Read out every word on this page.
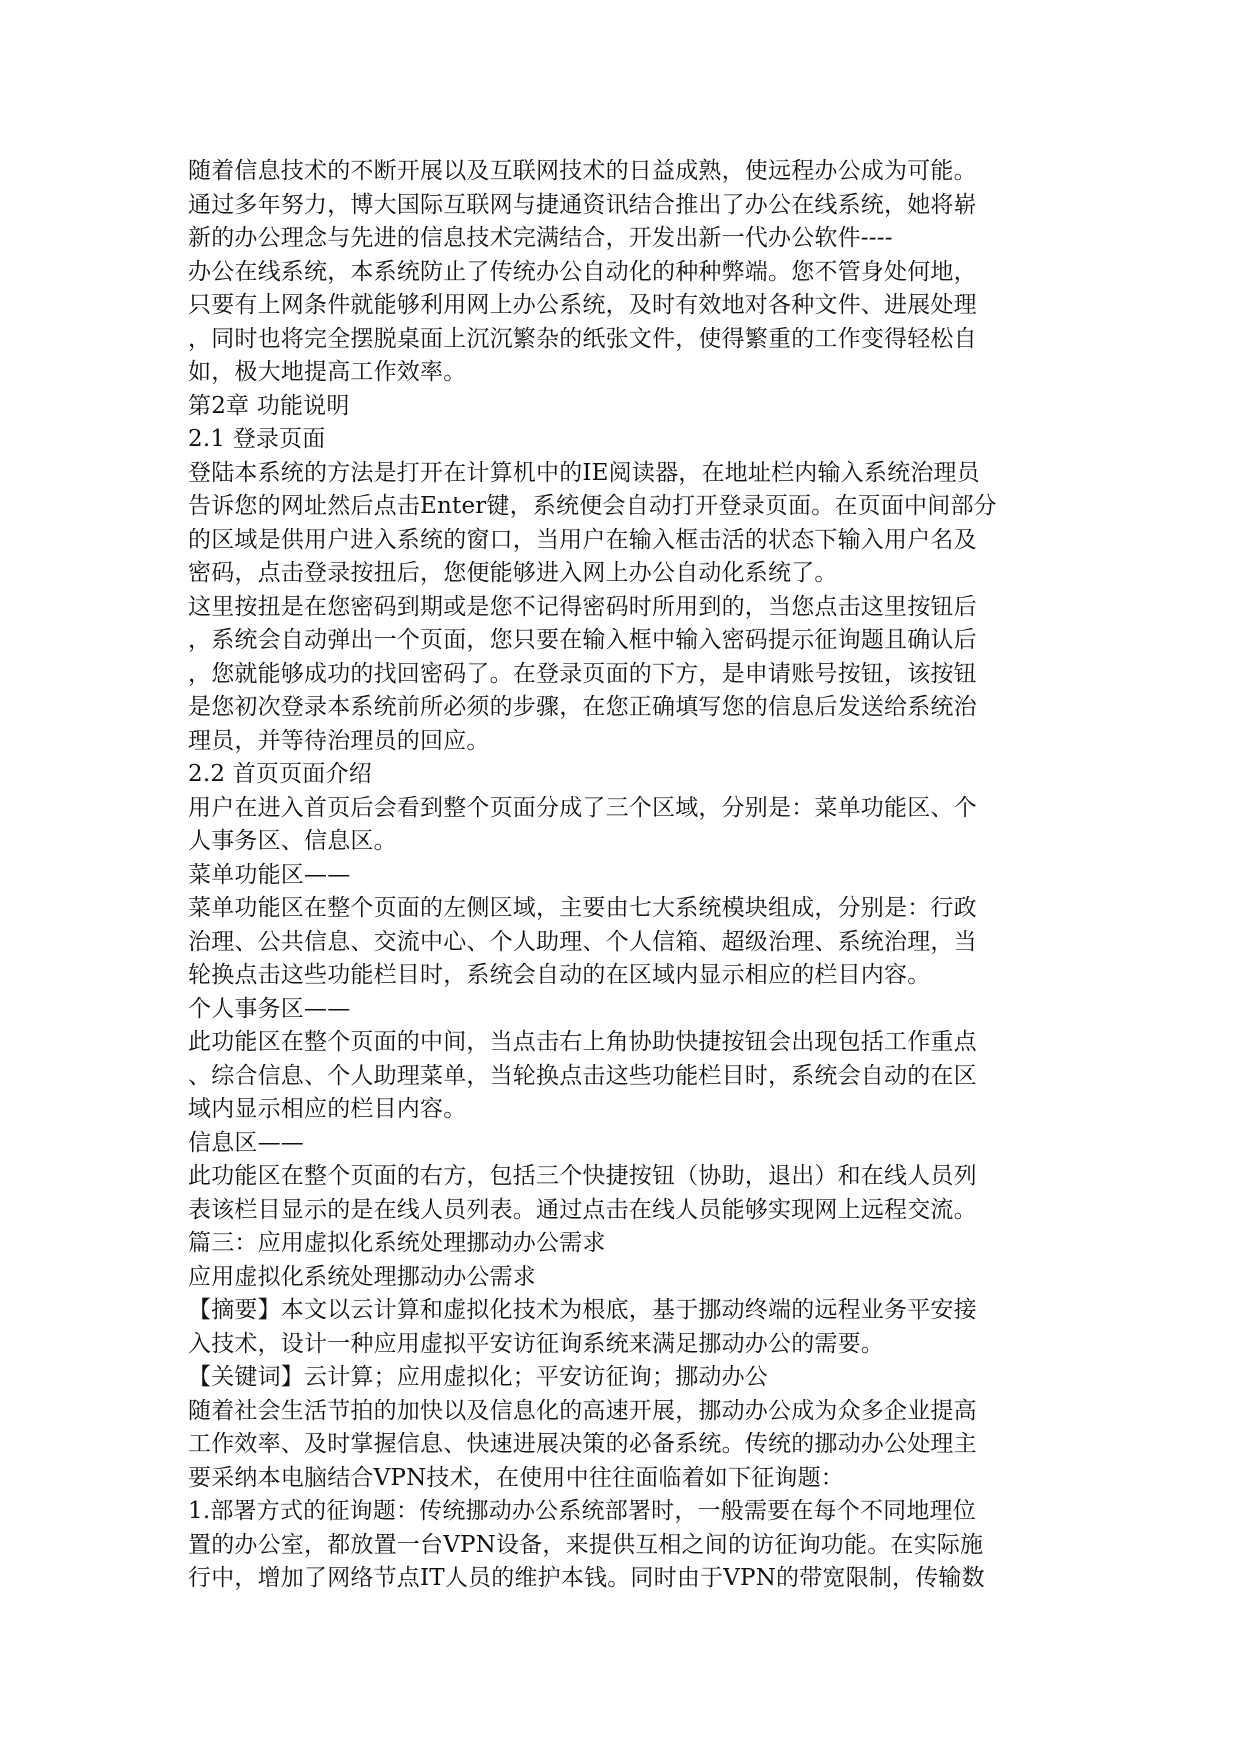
随着信息技术的不断开展以及互联网技术的日益成熟，使远程办公成为可能。
通过多年努力，博大国际互联网与捷通资讯结合推出了办公在线系统，她将崭
新的办公理念与先进的信息技术完满结合，开发出新一代办公软件----
办公在线系统，本系统防止了传统办公自动化的种种弊端。您不管身处何地，
只要有上网条件就能够利用网上办公系统，及时有效地对各种文件、进展处理
，同时也将完全摆脱桌面上沉沉繁杂的纸张文件，使得繁重的工作变得轻松自
如，极大地提高工作效率。
第2章 功能说明
2.1 登录页面
登陆本系统的方法是打开在计算机中的IE阅读器，在地址栏内输入系统治理员
告诉您的网址然后点击Enter键，系统便会自动打开登录页面。在页面中间部分
的区域是供用户进入系统的窗口，当用户在输入框击活的状态下输入用户名及
密码，点击登录按扭后，您便能够进入网上办公自动化系统了。
这里按扭是在您密码到期或是您不记得密码时所用到的，当您点击这里按钮后
，系统会自动弹出一个页面，您只要在输入框中输入密码提示征询题且确认后
，您就能够成功的找回密码了。在登录页面的下方，是申请账号按钮，该按钮
是您初次登录本系统前所必须的步骤，在您正确填写您的信息后发送给系统治
理员，并等待治理员的回应。
2.2 首页页面介绍
用户在进入首页后会看到整个页面分成了三个区域，分别是：菜单功能区、个
人事务区、信息区。
菜单功能区——
菜单功能区在整个页面的左侧区域，主要由七大系统模块组成，分别是：行政
治理、公共信息、交流中心、个人助理、个人信箱、超级治理、系统治理，当
轮换点击这些功能栏目时，系统会自动的在区域内显示相应的栏目内容。
个人事务区——
此功能区在整个页面的中间，当点击右上角协助快捷按钮会出现包括工作重点
、综合信息、个人助理菜单，当轮换点击这些功能栏目时，系统会自动的在区
域内显示相应的栏目内容。
信息区——
此功能区在整个页面的右方，包括三个快捷按钮（协助，退出）和在线人员列
表该栏目显示的是在线人员列表。通过点击在线人员能够实现网上远程交流。
篇三：应用虚拟化系统处理挪动办公需求
应用虚拟化系统处理挪动办公需求
【摘要】本文以云计算和虚拟化技术为根底，基于挪动终端的远程业务平安接
入技术，设计一种应用虚拟平安访征询系统来满足挪动办公的需要。
【关键词】云计算；应用虚拟化；平安访征询；挪动办公
随着社会生活节拍的加快以及信息化的高速开展，挪动办公成为众多企业提高
工作效率、及时掌握信息、快速进展决策的必备系统。传统的挪动办公处理主
要采纳本电脑结合VPN技术，在使用中往往面临着如下征询题：
1.部署方式的征询题：传统挪动办公系统部署时，一般需要在每个不同地理位
置的办公室，都放置一台VPN设备，来提供互相之间的访征询功能。在实际施
行中，增加了网络节点IT人员的维护本钱。同时由于VPN的带宽限制，传输数
